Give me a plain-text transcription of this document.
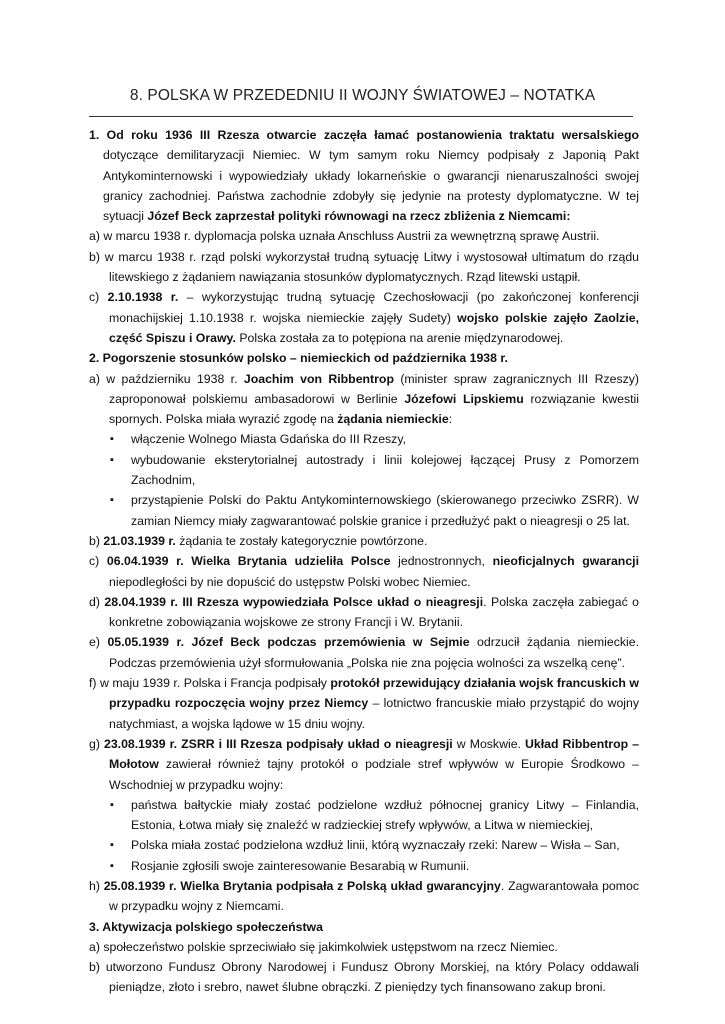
8. POLSKA W PRZEDEDNIU II WOJNY ŚWIATOWEJ – NOTATKA

1. Od roku 1936 III Rzesza otwarcie zaczęła łamać postanowienia traktatu wersalskiego dotyczące demilitaryzacji Niemiec. W tym samym roku Niemcy podpisały z Japonią Pakt Antykominternowski i wypowiedziały układy lokarneńskie o gwarancji nienaruszalności swojej granicy zachodniej. Państwa zachodnie zdobyły się jedynie na protesty dyplomatyczne. W tej sytuacji Józef Beck zaprzestał polityki równowagi na rzecz zbliżenia z Niemcami:

a) w marcu 1938 r. dyplomacja polska uznała Anschluss Austrii za wewnętrzną sprawę Austrii.

b) w marcu 1938 r. rząd polski wykorzystał trudną sytuację Litwy i wystosował ultimatum do rządu litewskiego z żądaniem nawiązania stosunków dyplomatycznych. Rząd litewski ustąpił.

c) 2.10.1938 r. – wykorzystując trudną sytuację Czechosłowacji (po zakończonej konferencji monachijskiej 1.10.1938 r. wojska niemieckie zajęły Sudety) wojsko polskie zajęło Zaolzie, część Spiszu i Orawy. Polska została za to potępiona na arenie międzynarodowej.

2. Pogorszenie stosunków polsko – niemieckich od października 1938 r.

a) w październiku 1938 r. Joachim von Ribbentrop (minister spraw zagranicznych III Rzeszy) zaproponował polskiemu ambasadorowi w Berlinie Józefowi Lipskiemu rozwiązanie kwestii spornych. Polska miała wyrazić zgodę na żądania niemieckie:

▪ włączenie Wolnego Miasta Gdańska do III Rzeszy,
▪ wybudowanie eksterytorialnej autostrady i linii kolejowej łączącej Prusy z Pomorzem Zachodnim,
▪ przystąpienie Polski do Paktu Antykominternowskiego (skierowanego przeciwko ZSRR). W zamian Niemcy miały zagwarantować polskie granice i przedłużyć pakt o nieagresji o 25 lat.

b) 21.03.1939 r. żądania te zostały kategorycznie powtórzone.

c) 06.04.1939 r. Wielka Brytania udzieliła Polsce jednostronnych, nieoficjalnych gwarancji niepodległości by nie dopuścić do ustępstw Polski wobec Niemiec.

d) 28.04.1939 r. III Rzesza wypowiedziała Polsce układ o nieagresji. Polska zaczęła zabiegać o konkretne zobowiązania wojskowe ze strony Francji i W. Brytanii.

e) 05.05.1939 r. Józef Beck podczas przemówienia w Sejmie odrzucił żądania niemieckie. Podczas przemówienia użył sformułowania „Polska nie zna pojęcia wolności za wszelką cenę”.

f) w maju 1939 r. Polska i Francja podpisały protokół przewidujący działania wojsk francuskich w przypadku rozpoczęcia wojny przez Niemcy – lotnictwo francuskie miało przystąpić do wojny natychmiast, a wojska lądowe w 15 dniu wojny.

g) 23.08.1939 r. ZSRR i III Rzesza podpisały układ o nieagresji w Moskwie. Układ Ribbentrop – Mołotow zawierał również tajny protokół o podziale stref wpływów w Europie Środkowo – Wschodniej w przypadku wojny:

▪ państwa bałtyckie miały zostać podzielone wzdłuż północnej granicy Litwy – Finlandia, Estonia, Łotwa miały się znaleźć w radzieckiej strefy wpływów, a Litwa w niemieckiej,
▪ Polska miała zostać podzielona wzdłuż linii, którą wyznaczały rzeki: Narew – Wisła – San,
▪ Rosjanie zgłosili swoje zainteresowanie Besarabią w Rumunii.

h) 25.08.1939 r. Wielka Brytania podpisała z Polską układ gwarancyjny. Zagwarantowała pomoc w przypadku wojny z Niemcami.

3. Aktywizacja polskiego społeczeństwa

a) społeczeństwo polskie sprzeciwiało się jakimkolwiek ustępstwom na rzecz Niemiec.

b) utworzono Fundusz Obrony Narodowej i Fundusz Obrony Morskiej, na który Polacy oddawali pieniądze, złoto i srebro, nawet ślubne obrączki. Z pieniędzy tych finansowano zakup broni.
